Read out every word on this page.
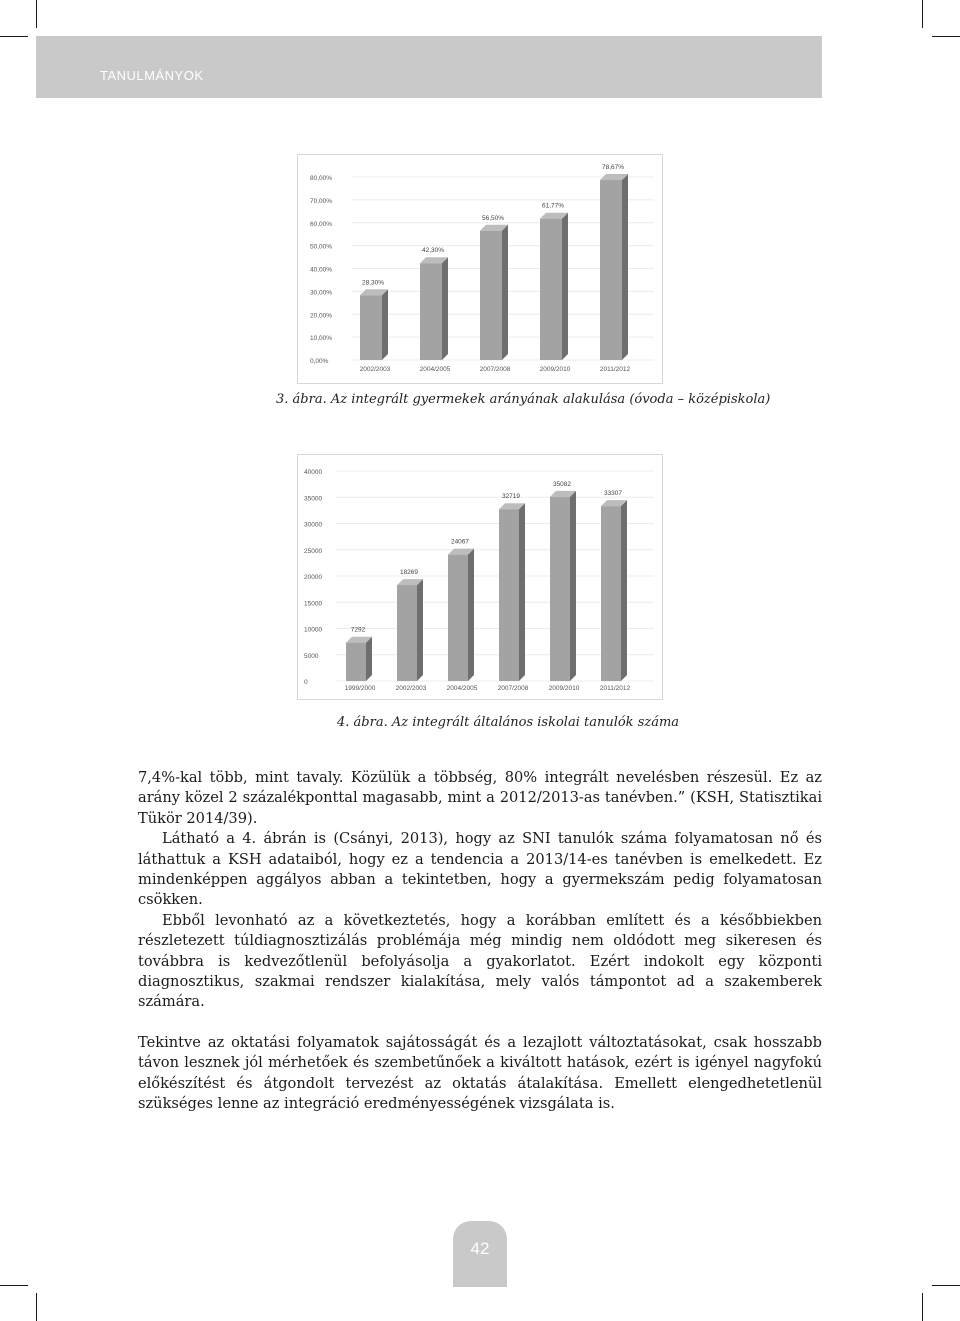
TANULMÁNYOK
0,00%
10,00%
20,00%
30,00%
40,00%
50,00%
60,00%
70,00%
80,00%
28,30%
2002/2003
42,30%
2004/2005
56,50%
2007/2008
61,77%
2009/2010
78,67%
2011/2012
3. ábra. Az integrált gyermekek arányának alakulása (óvoda – középiskola)
0
5000
10000
15000
20000
25000
30000
35000
40000
7292
1999/2000
18269
2002/2003
24067
2004/2005
32719
2007/2008
35082
2009/2010
33307
2011/2012
4. ábra. Az integrált általános iskolai tanulók száma

7,4%-kal több, mint tavaly. Közülük a többség, 80% integrált nevelésben részesül. Ez az arány közel 2 százalékponttal magasabb, mint a 2012/2013-as tanévben.” (KSH, Statisztikai Tükör 2014/39).

Látható a 4. ábrán is (Csányi, 2013), hogy az SNI tanulók száma folyamatosan nő és láthattuk a KSH adataiból, hogy ez a tendencia a 2013/14-es tanévben is emelkedett. Ez mindenképpen aggályos abban a tekintetben, hogy a gyermekszám pedig folyamatosan csökken.

Ebből levonható az a következtetés, hogy a korábban említett és a későbbiekben részletezett túldiagnosztizálás problémája még mindig nem oldódott meg sikeresen és továbbra is kedvezőtlenül befolyásolja a gyakorlatot. Ezért indokolt egy központi diagnosztikus, szakmai rendszer kialakítása, mely valós támpontot ad a szakemberek számára.

Tekintve az oktatási folyamatok sajátosságát és a lezajlott változtatásokat, csak hosszabb távon lesznek jól mérhetőek és szembetűnőek a kiváltott hatások, ezért is igényel nagyfokú előkészítést és átgondolt tervezést az oktatás átalakítása. Emellett elengedhetetlenül szükséges lenne az integráció eredményességének vizsgálata is.

42
